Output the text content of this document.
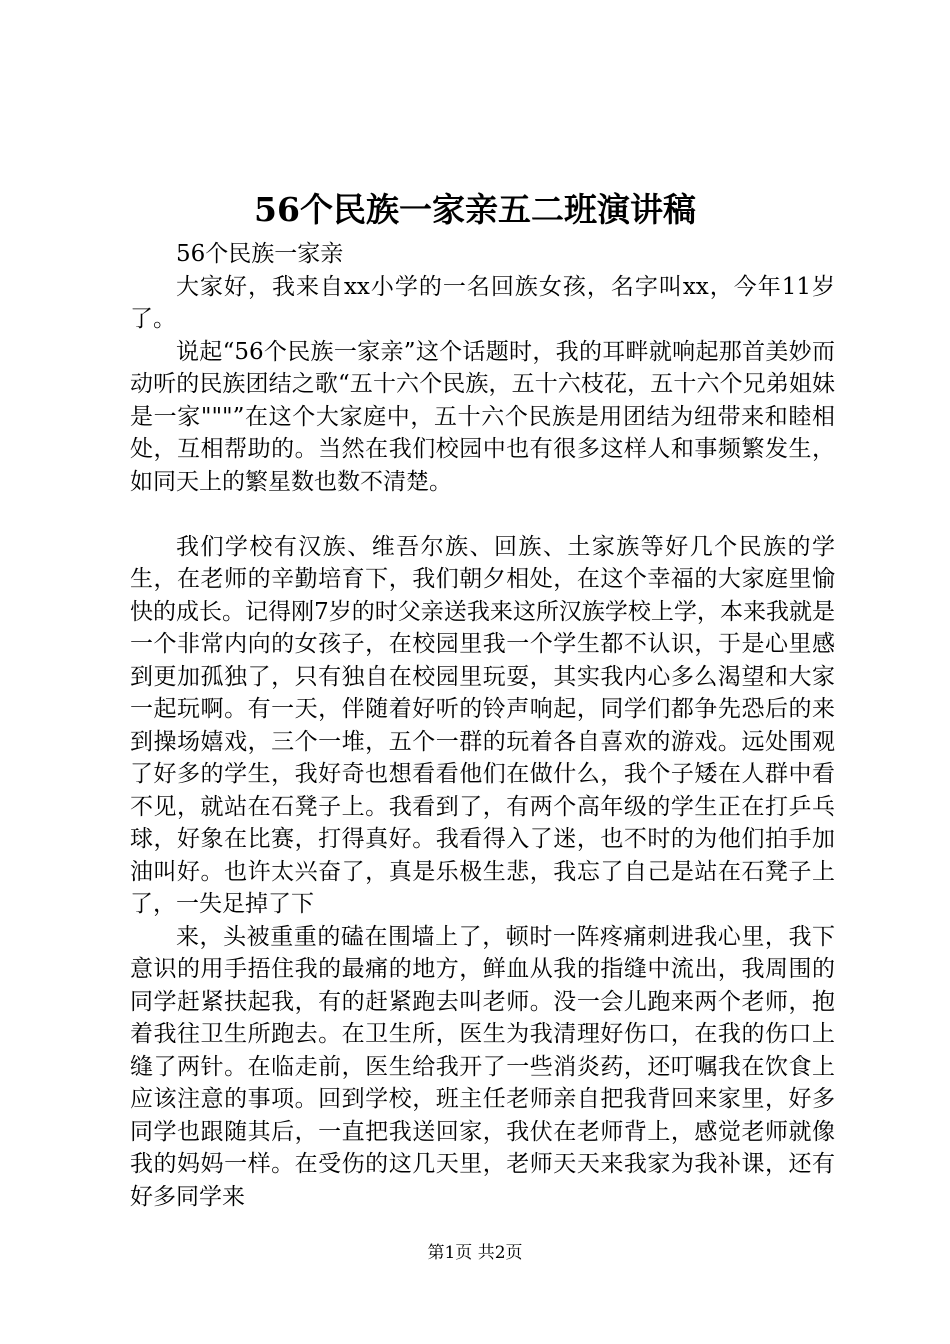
56个民族一家亲五二班演讲稿

56个民族一家亲

大家好，我来自xx小学的一名回族女孩，名字叫xx，今年11岁了。

说起“56个民族一家亲”这个话题时，我的耳畔就响起那首美妙而动听的民族团结之歌“五十六个民族，五十六枝花，五十六个兄弟姐妹是一家"""”在这个大家庭中，五十六个民族是用团结为纽带来和睦相处，互相帮助的。当然在我们校园中也有很多这样人和事频繁发生，如同天上的繁星数也数不清楚。

我们学校有汉族、维吾尔族、回族、土家族等好几个民族的学生，在老师的辛勤培育下，我们朝夕相处，在这个幸福的大家庭里愉快的成长。记得刚7岁的时父亲送我来这所汉族学校上学，本来我就是一个非常内向的女孩子，在校园里我一个学生都不认识，于是心里感到更加孤独了，只有独自在校园里玩耍，其实我内心多么渴望和大家一起玩啊。有一天，伴随着好听的铃声响起，同学们都争先恐后的来到操场嬉戏，三个一堆，五个一群的玩着各自喜欢的游戏。远处围观了好多的学生，我好奇也想看看他们在做什么，我个子矮在人群中看不见，就站在石凳子上。我看到了，有两个高年级的学生正在打乒乓球，好象在比赛，打得真好。我看得入了迷，也不时的为他们拍手加油叫好。也许太兴奋了，真是乐极生悲，我忘了自己是站在石凳子上了，一失足掉了下

来，头被重重的磕在围墙上了，顿时一阵疼痛刺进我心里，我下意识的用手捂住我的最痛的地方，鲜血从我的指缝中流出，我周围的同学赶紧扶起我，有的赶紧跑去叫老师。没一会儿跑来两个老师，抱着我往卫生所跑去。在卫生所，医生为我清理好伤口，在我的伤口上缝了两针。在临走前，医生给我开了一些消炎药，还叮嘱我在饮食上应该注意的事项。回到学校，班主任老师亲自把我背回来家里，好多同学也跟随其后，一直把我送回家，我伏在老师背上，感觉老师就像我的妈妈一样。在受伤的这几天里，老师天天来我家为我补课，还有好多同学来

第1页 共2页
